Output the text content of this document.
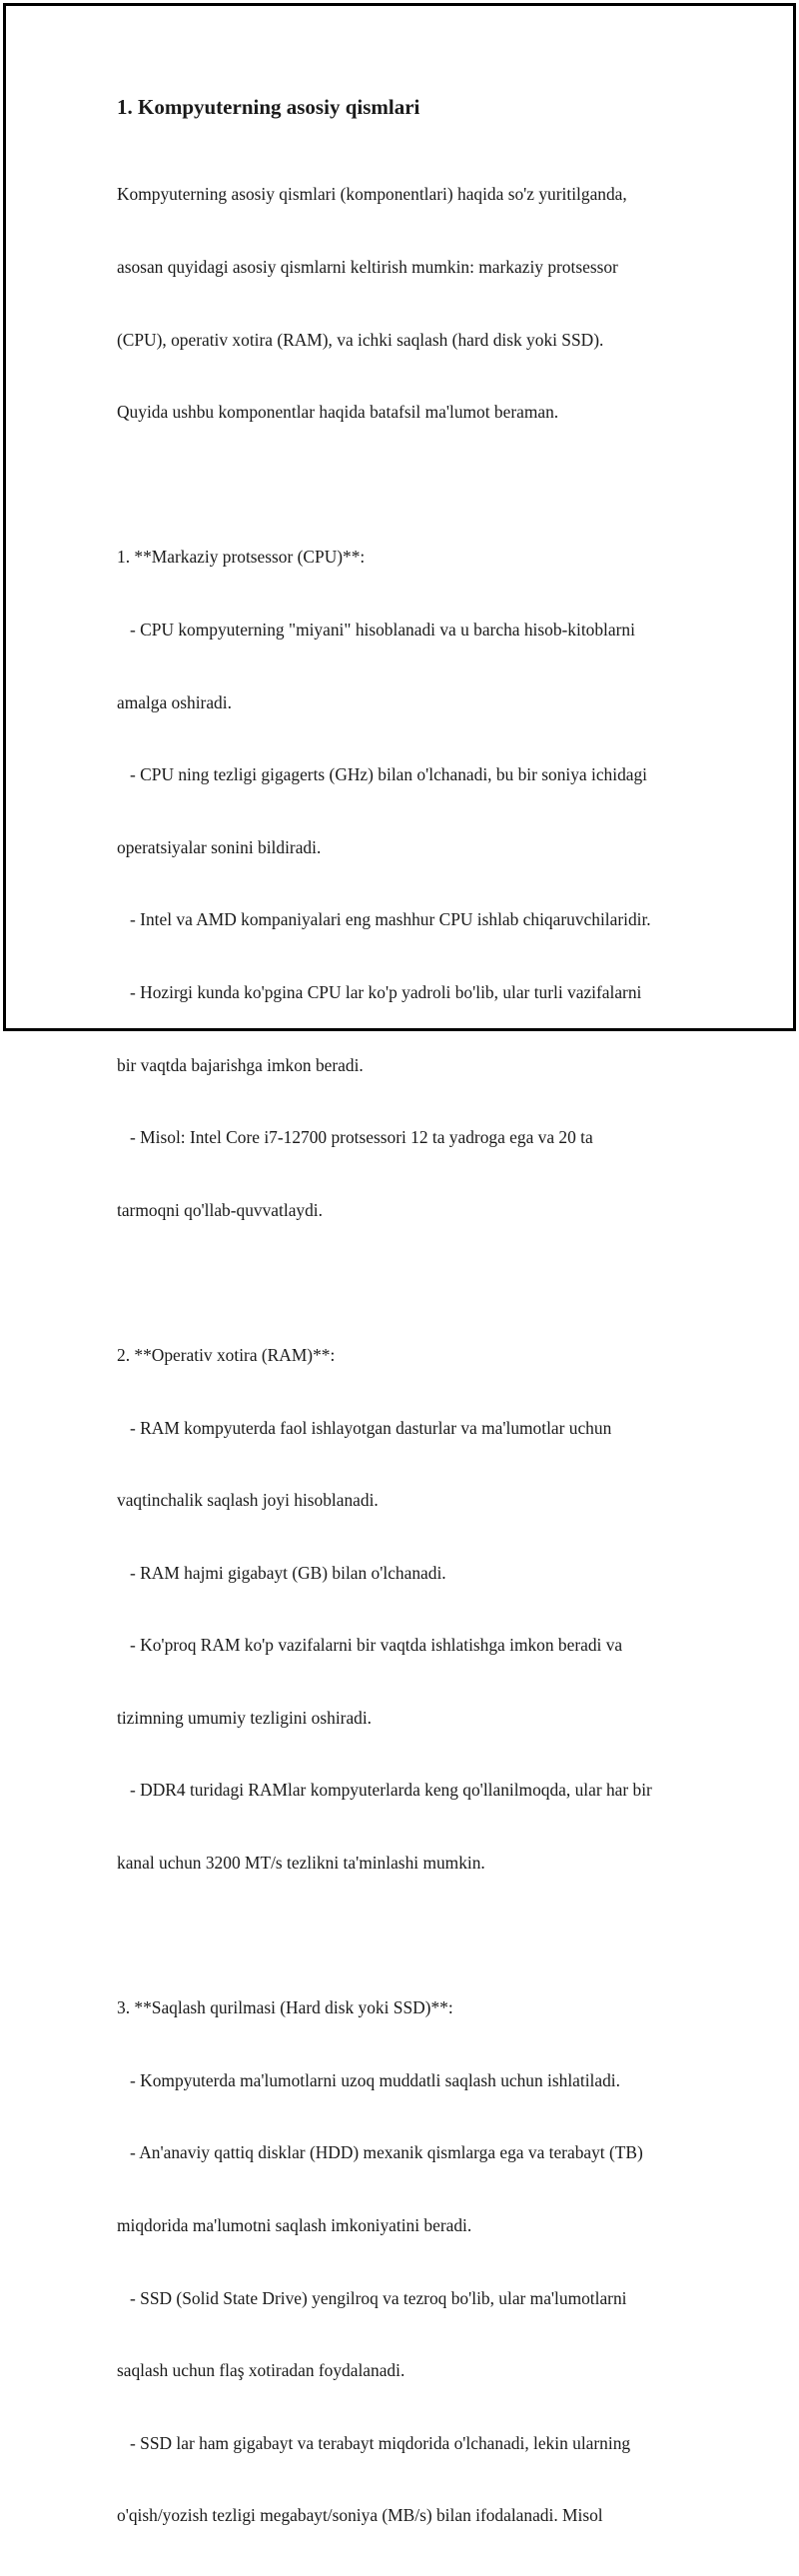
1. Kompyuterning asosiy qismlari

Kompyuterning asosiy qismlari (komponentlari) haqida so'z yuritilganda,

asosan quyidagi asosiy qismlarni keltirish mumkin: markaziy protsessor

(CPU), operativ xotira (RAM), va ichki saqlash (hard disk yoki SSD).

Quyida ushbu komponentlar haqida batafsil ma'lumot beraman.

1. **Markaziy protsessor (CPU)**:

- CPU kompyuterning "miyani" hisoblanadi va u barcha hisob-kitoblarni

amalga oshiradi.

- CPU ning tezligi gigagerts (GHz) bilan o'lchanadi, bu bir soniya ichidagi

operatsiyalar sonini bildiradi.

- Intel va AMD kompaniyalari eng mashhur CPU ishlab chiqaruvchilaridir.

- Hozirgi kunda ko'pgina CPU lar ko'p yadroli bo'lib, ular turli vazifalarni

bir vaqtda bajarishga imkon beradi.

- Misol: Intel Core i7-12700 protsessori 12 ta yadroga ega va 20 ta

tarmoqni qo'llab-quvvatlaydi.

2. **Operativ xotira (RAM)**:

- RAM kompyuterda faol ishlayotgan dasturlar va ma'lumotlar uchun

vaqtinchalik saqlash joyi hisoblanadi.

- RAM hajmi gigabayt (GB) bilan o'lchanadi.

- Ko'proq RAM ko'p vazifalarni bir vaqtda ishlatishga imkon beradi va

tizimning umumiy tezligini oshiradi.

- DDR4 turidagi RAMlar kompyuterlarda keng qo'llanilmoqda, ular har bir

kanal uchun 3200 MT/s tezlikni ta'minlashi mumkin.

3. **Saqlash qurilmasi (Hard disk yoki SSD)**:

- Kompyuterda ma'lumotlarni uzoq muddatli saqlash uchun ishlatiladi.

- An'anaviy qattiq disklar (HDD) mexanik qismlarga ega va terabayt (TB)

miqdorida ma'lumotni saqlash imkoniyatini beradi.

- SSD (Solid State Drive) yengilroq va tezroq bo'lib, ular ma'lumotlarni

saqlash uchun flaş xotiradan foydalanadi.

- SSD lar ham gigabayt va terabayt miqdorida o'lchanadi, lekin ularning

o'qish/yozish tezligi megabayt/soniya (MB/s) bilan ifodalanadi. Misol
